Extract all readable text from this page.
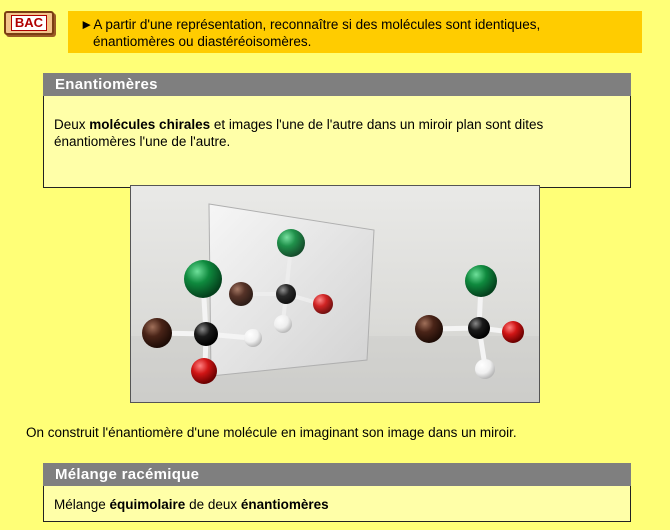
BAC	►A partir d'une représentation, reconnaître si des molécules sont identiques,
énantiomères ou diastéréoisomères.
Enantiomères
Deux molécules chirales et images l'une de l'autre dans un miroir plan sont dites
énantiomères l'une de l'autre.
On construit l'énantiomère d'une molécule en imaginant son image dans un miroir.
Mélange racémique
Mélange équimolaire de deux énantiomères
